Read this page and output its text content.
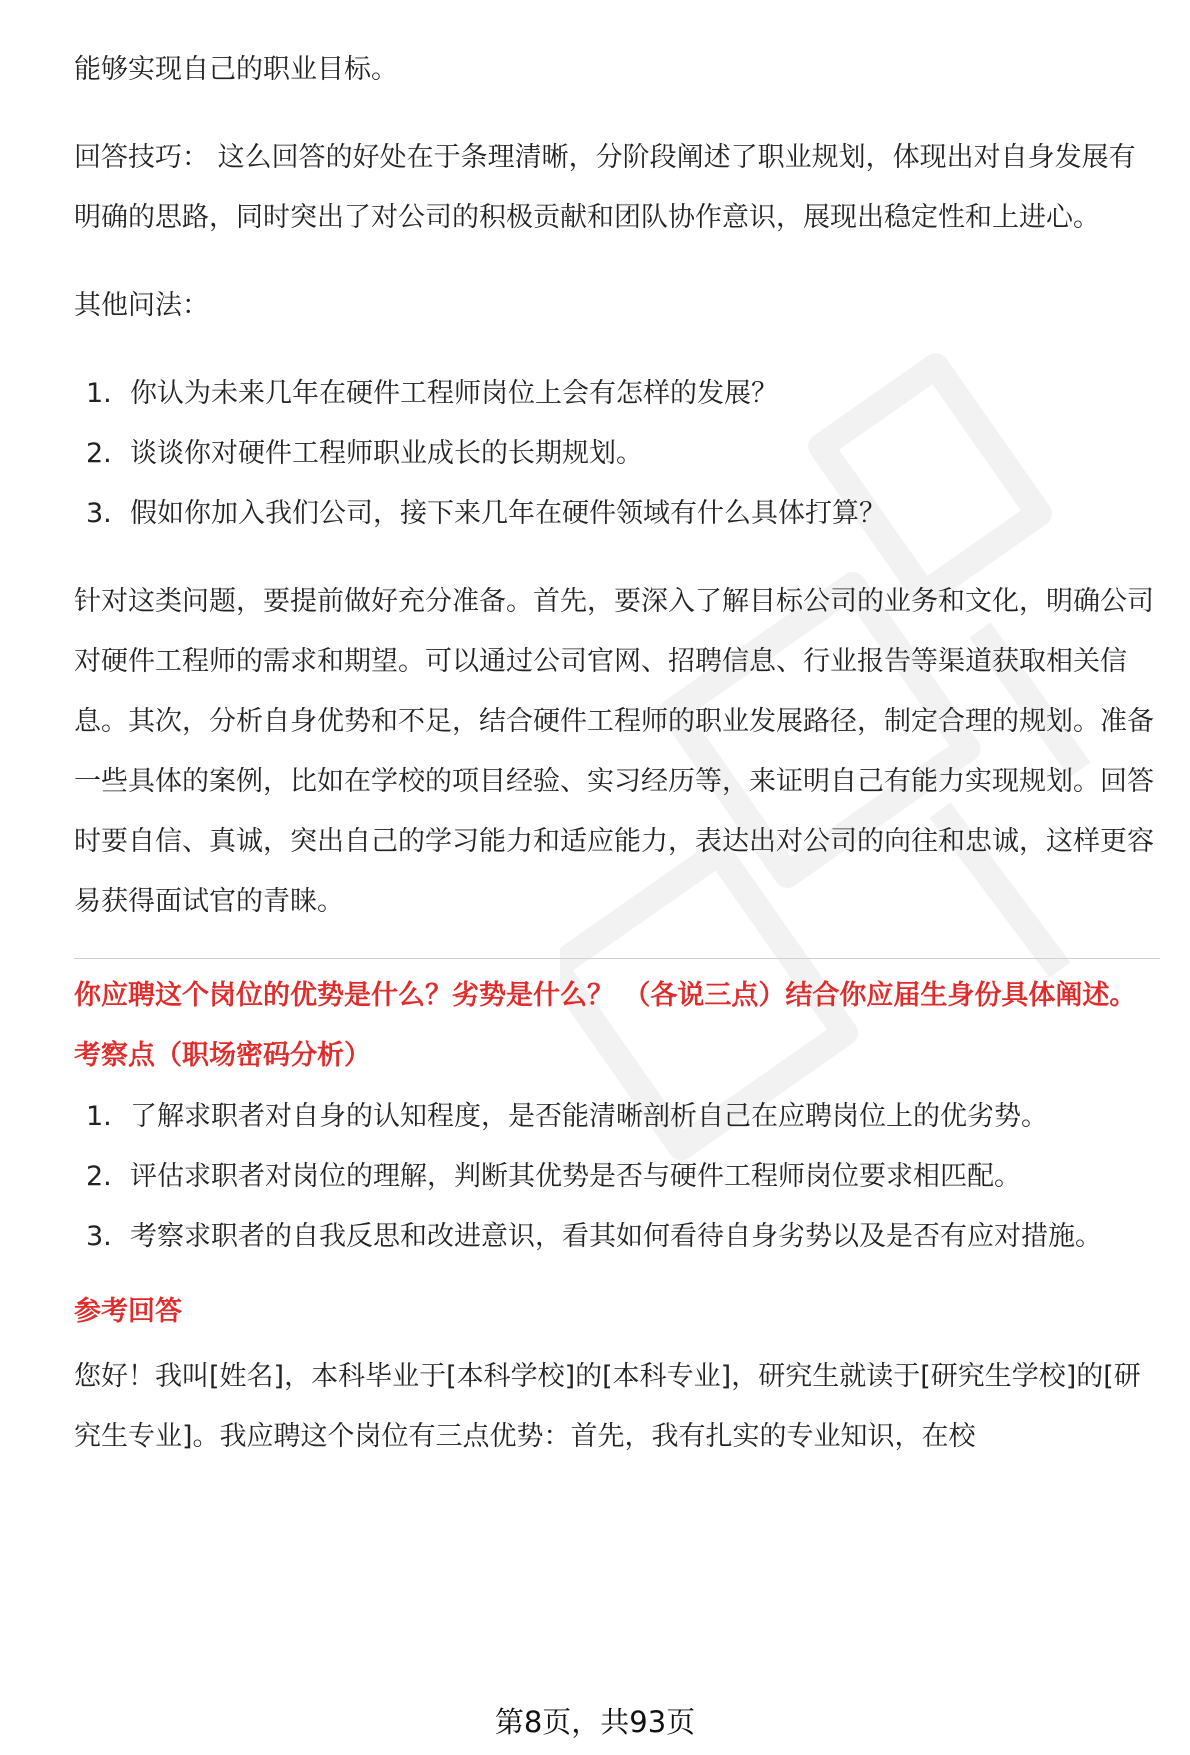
能够实现自己的职业目标。

回答技巧： 这么回答的好处在于条理清晰，分阶段阐述了职业规划，体现出对自身发展有明确的思路，同时突出了对公司的积极贡献和团队协作意识，展现出稳定性和上进心。

其他问法：

1. 你认为未来几年在硬件工程师岗位上会有怎样的发展？
2. 谈谈你对硬件工程师职业成长的长期规划。
3. 假如你加入我们公司，接下来几年在硬件领域有什么具体打算？

针对这类问题，要提前做好充分准备。首先，要深入了解目标公司的业务和文化，明确公司对硬件工程师的需求和期望。可以通过公司官网、招聘信息、行业报告等渠道获取相关信息。其次，分析自身优势和不足，结合硬件工程师的职业发展路径，制定合理的规划。准备一些具体的案例，比如在学校的项目经验、实习经历等，来证明自己有能力实现规划。回答时要自信、真诚，突出自己的学习能力和适应能力，表达出对公司的向往和忠诚，这样更容易获得面试官的青睐。

你应聘这个岗位的优势是什么？劣势是什么？ （各说三点）结合你应届生身份具体阐述。

考察点（职场密码分析）

1. 了解求职者对自身的认知程度，是否能清晰剖析自己在应聘岗位上的优劣势。
2. 评估求职者对岗位的理解，判断其优势是否与硬件工程师岗位要求相匹配。
3. 考察求职者的自我反思和改进意识，看其如何看待自身劣势以及是否有应对措施。

参考回答

您好！我叫[姓名]，本科毕业于[本科学校]的[本科专业]，研究生就读于[研究生学校]的[研究生专业]。我应聘这个岗位有三点优势：首先，我有扎实的专业知识，在校

第8页，共93页
